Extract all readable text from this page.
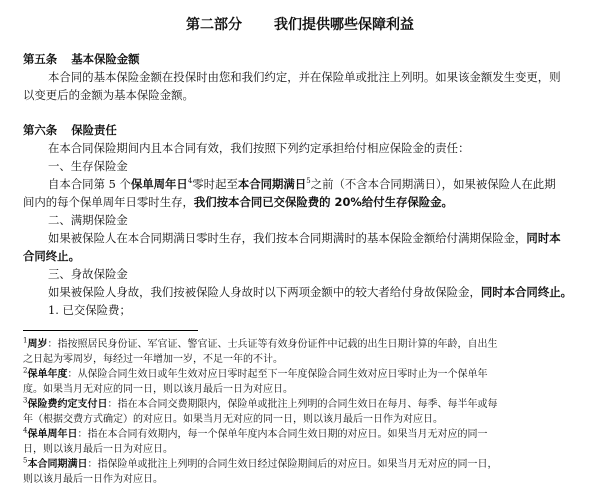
第二部分 我们提供哪些保障利益
第五条 基本保险金额
本合同的基本保险金额在投保时由您和我们约定，并在保险单或批注上列明。如果该金额发生变更，则
以变更后的金额为基本保险金额。
第六条 保险责任
在本合同保险期间内且本合同有效，我们按照下列约定承担给付相应保险金的责任：
一、生存保险金
自本合同第 5 个保单周年日$^4$零时起至本合同期满日$^5$之前（不含本合同期满日），如果被保险人在此期
间内的每个保单周年日零时生存，我们按本合同已交保险费的 20%给付生存保险金。
二、满期保险金
如果被保险人在本合同期满日零时生存，我们按本合同期满时的基本保险金额给付满期保险金，同时本
合同终止。
三、身故保险金
如果被保险人身故，我们按被保险人身故时以下两项金额中的较大者给付身故保险金，同时本合同终止。
1. 已交保险费；
$^1$周岁：指按照居民身份证、军官证、警官证、士兵证等有效身份证件中记载的出生日期计算的年龄，自出生
之日起为零周岁，每经过一年增加一岁，不足一年的不计。
$^2$保单年度：从保险合同生效日或年生效对应日零时起至下一年度保险合同生效对应日零时止为一个保单年
度。如果当月无对应的同一日，则以该月最后一日为对应日。
$^3$保险费约定支付日：指在本合同交费期限内，保险单或批注上列明的合同生效日在每月、每季、每半年或每
年（根据交费方式确定）的对应日。如果当月无对应的同一日，则以该月最后一日作为对应日。
$^4$保单周年日：指在本合同有效期内，每一个保单年度内本合同生效日期的对应日。如果当月无对应的同一
日，则以该月最后一日为对应日。
$^5$本合同期满日：指保险单或批注上列明的合同生效日经过保险期间后的对应日。如果当月无对应的同一日，
则以该月最后一日作为对应日。
